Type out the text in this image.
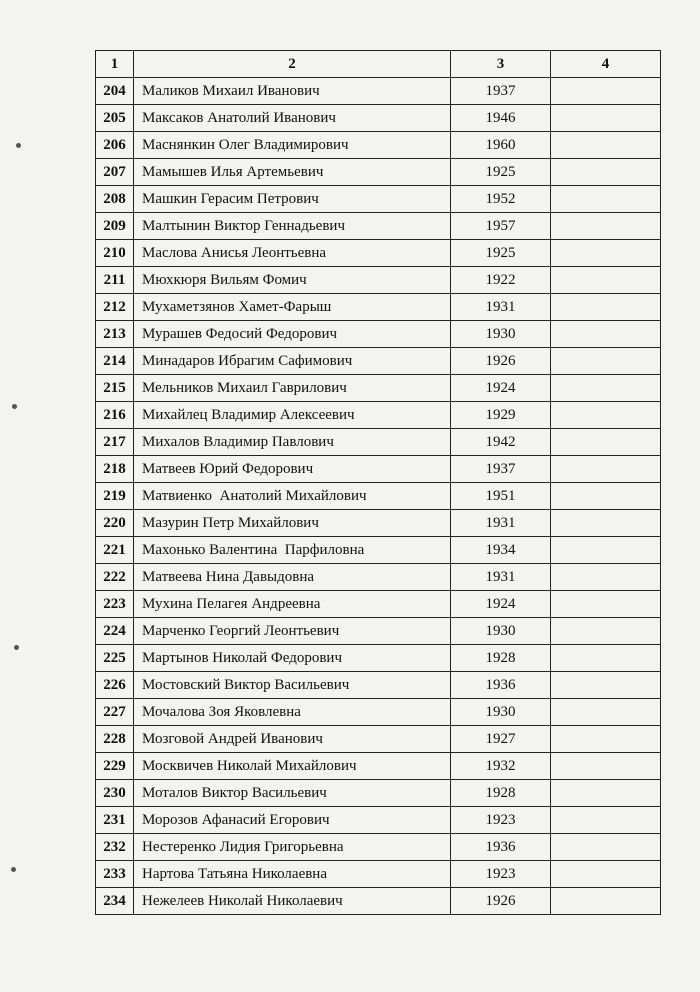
1	2	3	4
204	Маликов Михаил Иванович	1937	
205	Максаков Анатолий Иванович	1946	
206	Маснянкин Олег Владимирович	1960	
207	Мамышев Илья Артемьевич	1925	
208	Машкин Герасим Петрович	1952	
209	Малтынин Виктор Геннадьевич	1957	
210	Маслова Анисья Леонтьевна	1925	
211	Мюхкюря Вильям Фомич	1922	
212	Мухаметзянов Хамет-Фарыш	1931	
213	Мурашев Федосий Федорович	1930	
214	Минадаров Ибрагим Сафимович	1926	
215	Мельников Михаил Гаврилович	1924	
216	Михайлец Владимир Алексеевич	1929	
217	Михалов Владимир Павлович	1942	
218	Матвеев Юрий Федорович	1937	
219	Матвиенко  Анатолий Михайлович	1951	
220	Мазурин Петр Михайлович	1931	
221	Махонько Валентина  Парфиловна	1934	
222	Матвеева Нина Давыдовна	1931	
223	Мухина Пелагея Андреевна	1924	
224	Марченко Георгий Леонтьевич	1930	
225	Мартынов Николай Федорович	1928	
226	Мостовский Виктор Васильевич	1936	
227	Мочалова Зоя Яковлевна	1930	
228	Мозговой Андрей Иванович	1927	
229	Москвичев Николай Михайлович	1932	
230	Моталов Виктор Васильевич	1928	
231	Морозов Афанасий Егорович	1923	
232	Нестеренко Лидия Григорьевна	1936	
233	Нартова Татьяна Николаевна	1923	
234	Нежелеев Николай Николаевич	1926	
